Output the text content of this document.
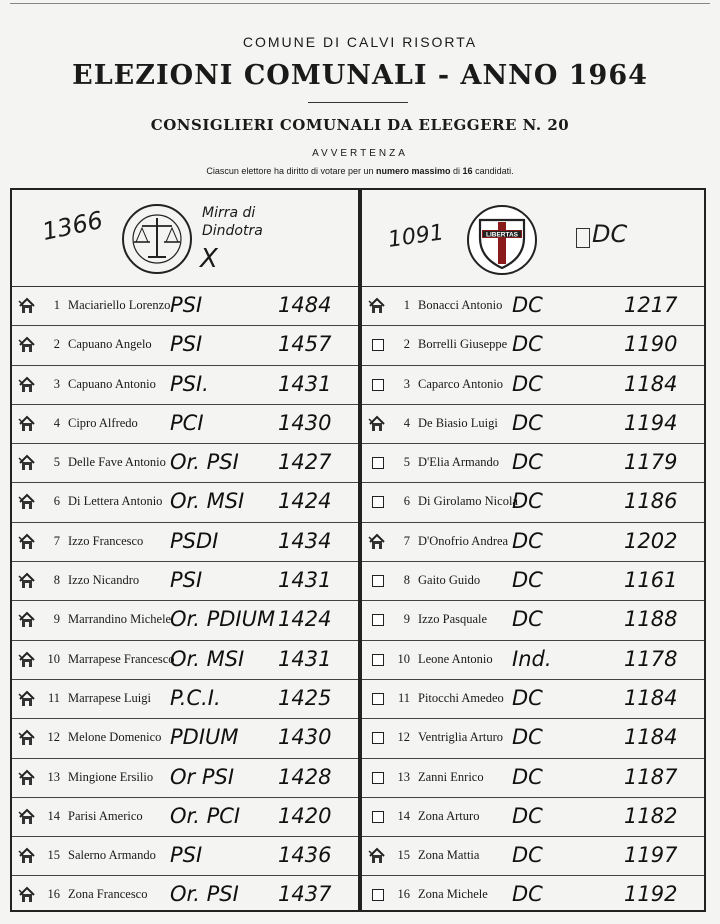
COMUNE DI CALVI RISORTA
ELEZIONI COMUNALI - ANNO 1964
CONSIGLIERI COMUNALI DA ELEGGERE N. 20
AVVERTENZA
Ciascun elettore ha diritto di votare per un numero massimo di 16 candidati.
1366	Mirra di Dindotra
X
1 Maciariello Lorenzo PSI	1484
2 Capuano Angelo PSI	1457
3 Capuano Antonio PSI.	1431
4 Cipro Alfredo PCI	1430
5 Delle Fave Antonio Or. PSI 1427
6 Di Lettera Antonio Or. MSI 1424
7 Izzo Francesco PSDI	1434
8 Izzo Nicandro PSI	1431
9 Marrandino Michele
Or. PDIUM 1424
10 Marrapese Francesco
Or. MSI 1431
11 Marrapese Luigi P.C.I.	1425
12 Melone Domenico PDIUM 1430
13 Mingione Ersilio Or PSI 1428
14 Parisi Americo Or. PCI 1420
15 Salerno Armando PSI	1436
16 Zona Francesco Or. PSI 1437
1091	LIBERTAS	DC
1 Bonacci Antonio DC	1217
2 Borrelli Giuseppe DC	1190
3 Caparco Antonio DC	1184
4 De Biasio Luigi DC	1194
5 D'Elia Armando DC	1179
6 Di Girolamo Nicola
DC	1186
7 D'Onofrio Andrea DC	1202
8 Gaito Guido DC	1161
9 Izzo Pasquale DC	1188
10 Leone Antonio Ind.	1178
11 Pitocchi Amedeo DC	1184
12 Ventriglia Arturo DC	1184
13 Zanni Enrico DC	1187
14 Zona Arturo DC	1182
15 Zona Mattia DC	1197
16 Zona Michele DC	1192
